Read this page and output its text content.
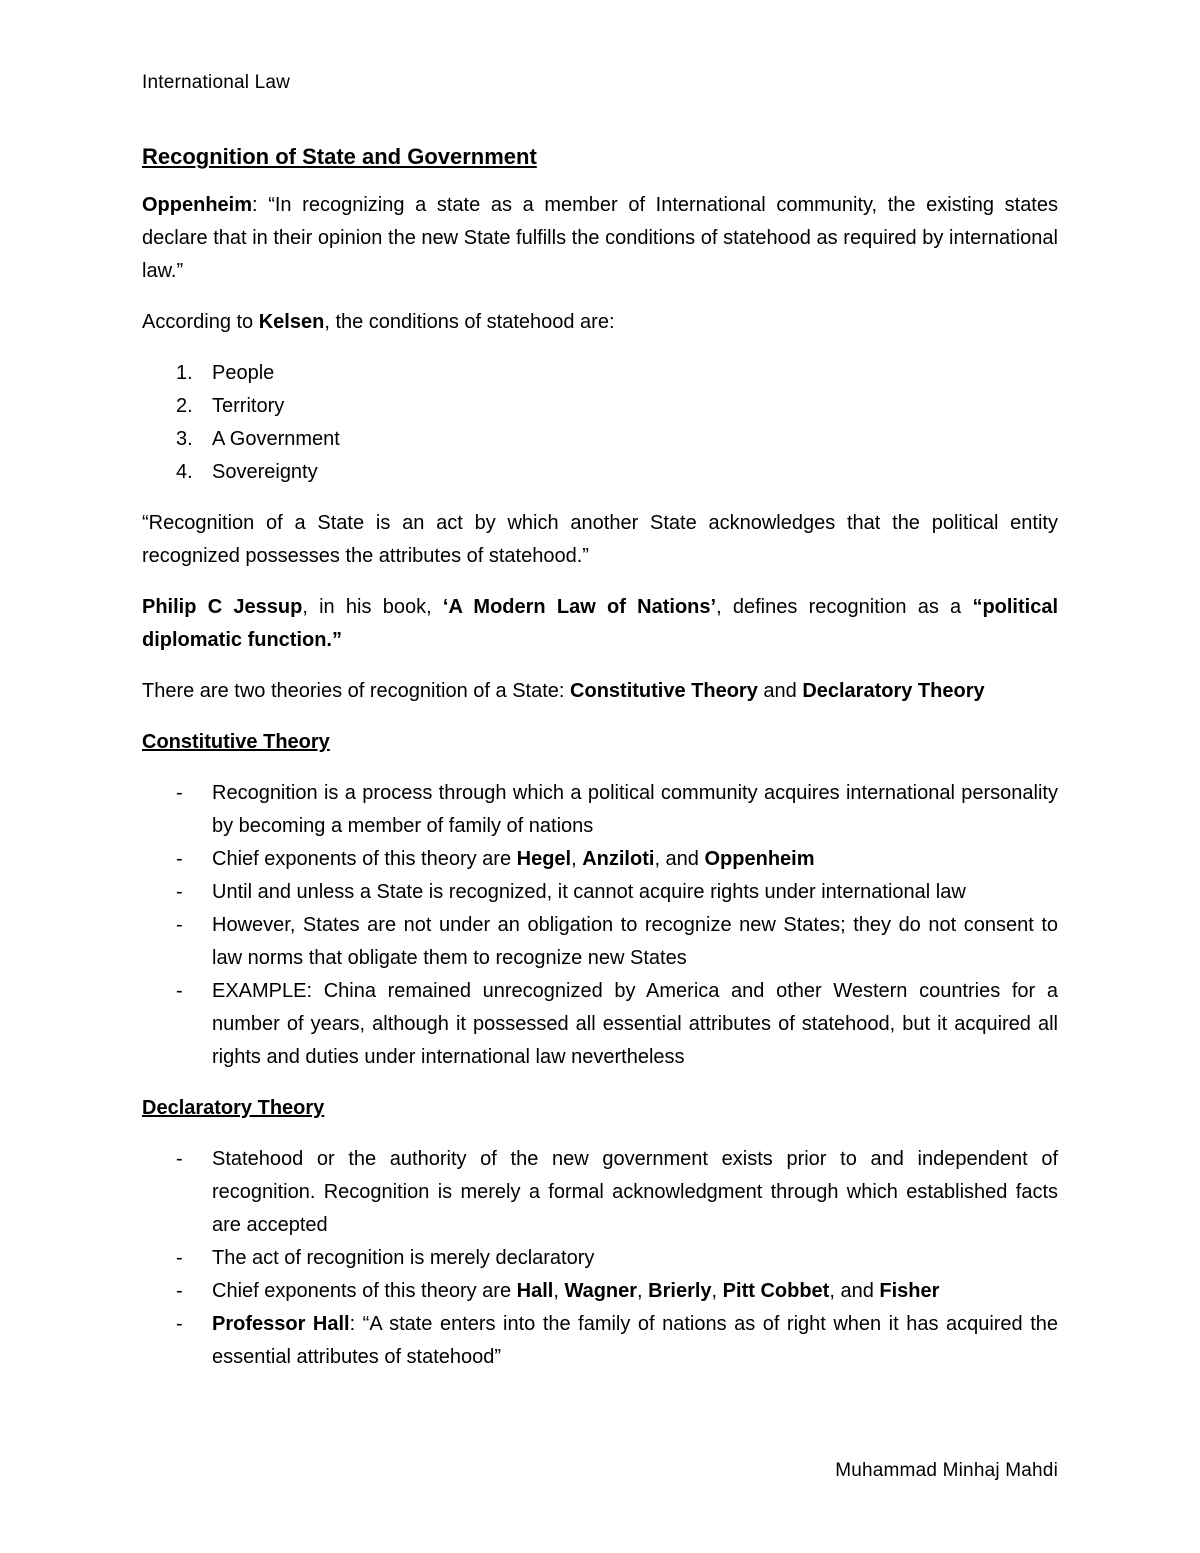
International Law
Recognition of State and Government

Oppenheim: “In recognizing a state as a member of International community, the existing states declare that in their opinion the new State fulfills the conditions of statehood as required by international law.”

According to Kelsen, the conditions of statehood are:

1. People
2. Territory
3. A Government
4. Sovereignty

“Recognition of a State is an act by which another State acknowledges that the political entity recognized possesses the attributes of statehood.”

Philip C Jessup, in his book, ‘A Modern Law of Nations’, defines recognition as a “political diplomatic function.”

There are two theories of recognition of a State: Constitutive Theory and Declaratory Theory

Constitutive Theory
- Recognition is a process through which a political community acquires international personality by becoming a member of family of nations
- Chief exponents of this theory are Hegel, Anziloti, and Oppenheim
- Until and unless a State is recognized, it cannot acquire rights under international law
- However, States are not under an obligation to recognize new States; they do not consent to law norms that obligate them to recognize new States
- EXAMPLE: China remained unrecognized by America and other Western countries for a number of years, although it possessed all essential attributes of statehood, but it acquired all rights and duties under international law nevertheless
Declaratory Theory
- Statehood or the authority of the new government exists prior to and independent of recognition. Recognition is merely a formal acknowledgment through which established facts are accepted
- The act of recognition is merely declaratory
- Chief exponents of this theory are Hall, Wagner, Brierly, Pitt Cobbet, and Fisher
- Professor Hall: “A state enters into the family of nations as of right when it has acquired the essential attributes of statehood”
Muhammad Minhaj Mahdi
